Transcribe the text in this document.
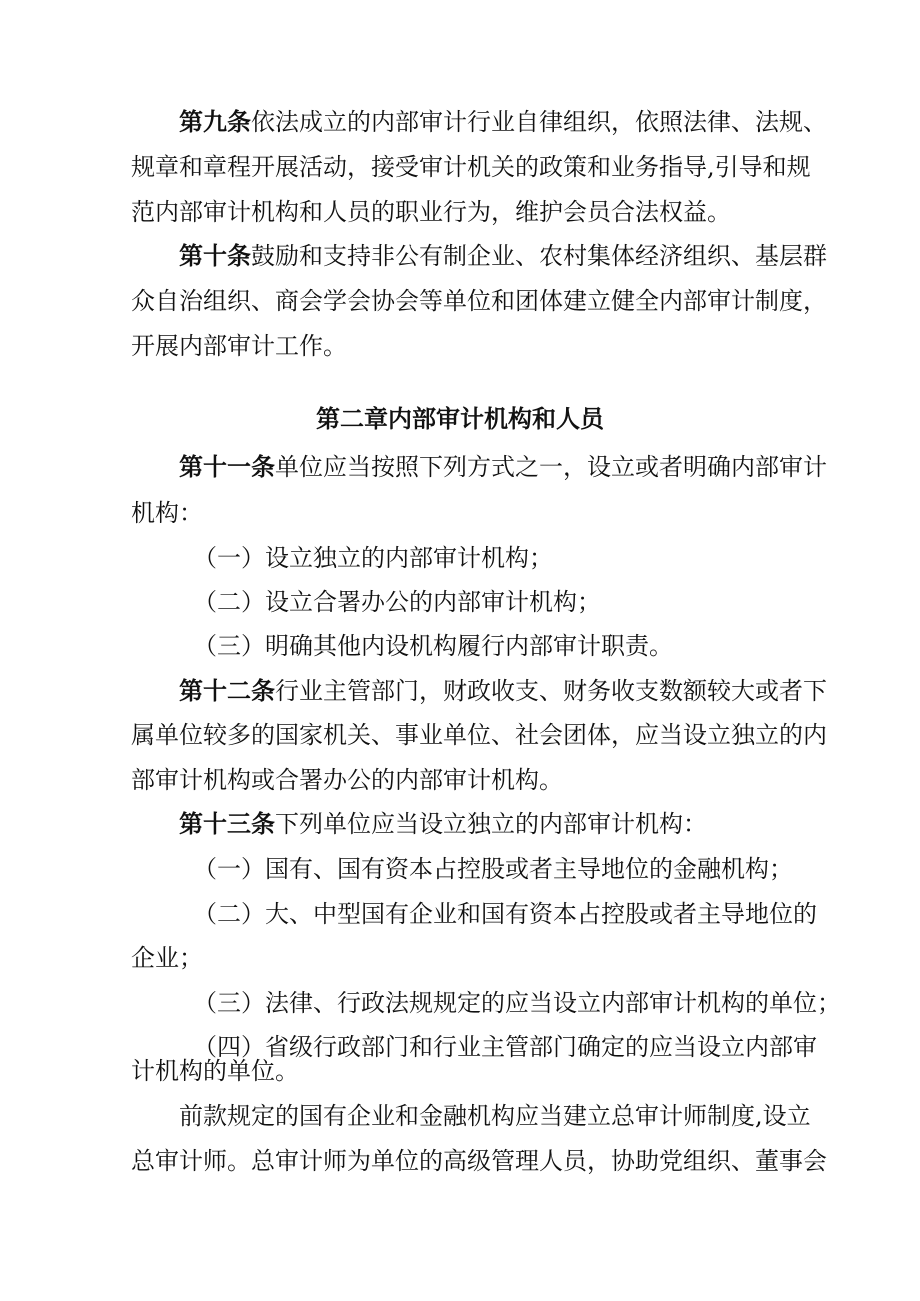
第九条依法成立的内部审计行业自律组织，依照法律、法规、
规章和章程开展活动，接受审计机关的政策和业务指导,引导和规
范内部审计机构和人员的职业行为，维护会员合法权益。
第十条鼓励和支持非公有制企业、农村集体经济组织、基层群
众自治组织、商会学会协会等单位和团体建立健全内部审计制度，
开展内部审计工作。
第二章内部审计机构和人员
第十一条单位应当按照下列方式之一，设立或者明确内部审计
机构：
（一）设立独立的内部审计机构；
（二）设立合署办公的内部审计机构；
（三）明确其他内设机构履行内部审计职责。
第十二条行业主管部门，财政收支、财务收支数额较大或者下
属单位较多的国家机关、事业单位、社会团体，应当设立独立的内
部审计机构或合署办公的内部审计机构。
第十三条下列单位应当设立独立的内部审计机构：
（一）国有、国有资本占控股或者主导地位的金融机构；
（二）大、中型国有企业和国有资本占控股或者主导地位的
企业；
（三）法律、行政法规规定的应当设立内部审计机构的单位；
（四）省级行政部门和行业主管部门确定的应当设立内部审
计机构的单位。
前款规定的国有企业和金融机构应当建立总审计师制度,设立
总审计师。总审计师为单位的高级管理人员，协助党组织、董事会
